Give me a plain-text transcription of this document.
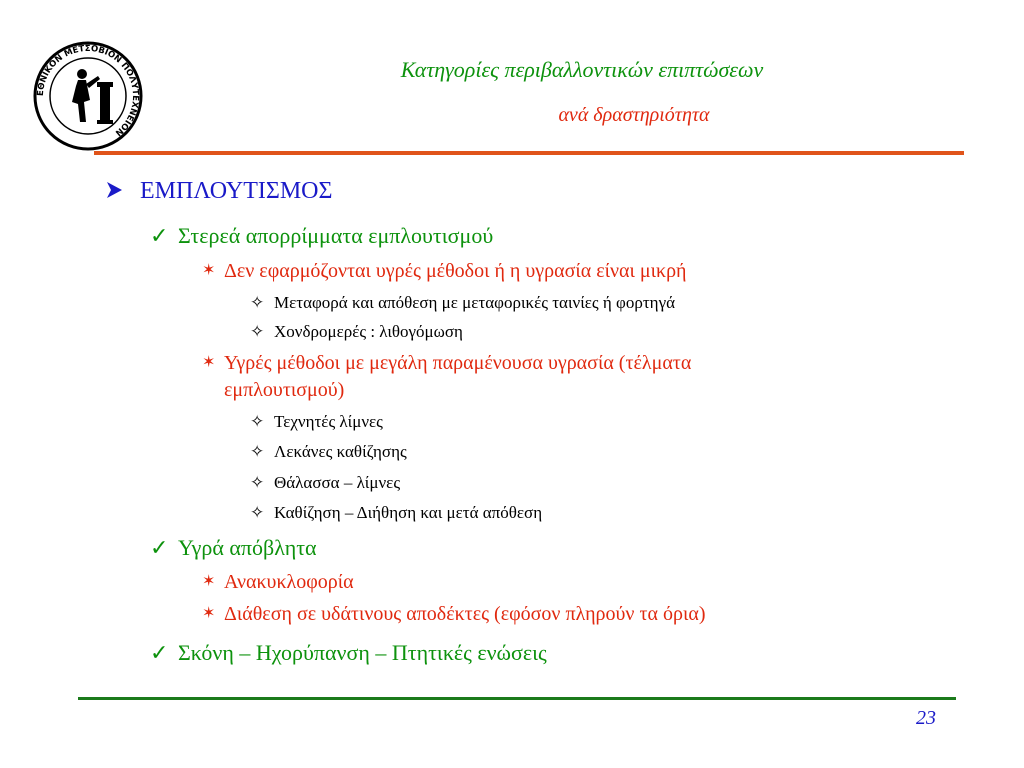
ΕΘΝΙΚΟΝ ΜΕΤΣΟΒΙΟΝ ΠΟΛΥΤΕΧΝΕΙΟΝ
Κατηγορίες περιβαλλοντικών επιπτώσεων
ανά δραστηριότητα
ΕΜΠΛΟΥΤΙΣΜΟΣ
✓ Στερεά απορρίμματα εμπλουτισμού
✶ Δεν εφαρμόζονται υγρές μέθοδοι ή η υγρασία είναι μικρή
✧ Μεταφορά και απόθεση με μεταφορικές ταινίες ή φορτηγά
✧ Χονδρομερές : λιθογόμωση
✶ Υγρές μέθοδοι με μεγάλη παραμένουσα υγρασία (τέλματα
εμπλουτισμού)
✧ Τεχνητές λίμνες
✧ Λεκάνες καθίζησης
✧ Θάλασσα – λίμνες
✧ Καθίζηση – Διήθηση και μετά απόθεση
✓ Υγρά απόβλητα
✶ Ανακυκλοφορία
✶ Διάθεση σε υδάτινους αποδέκτες (εφόσον πληρούν τα όρια)
✓ Σκόνη – Ηχορύπανση – Πτητικές ενώσεις
23
